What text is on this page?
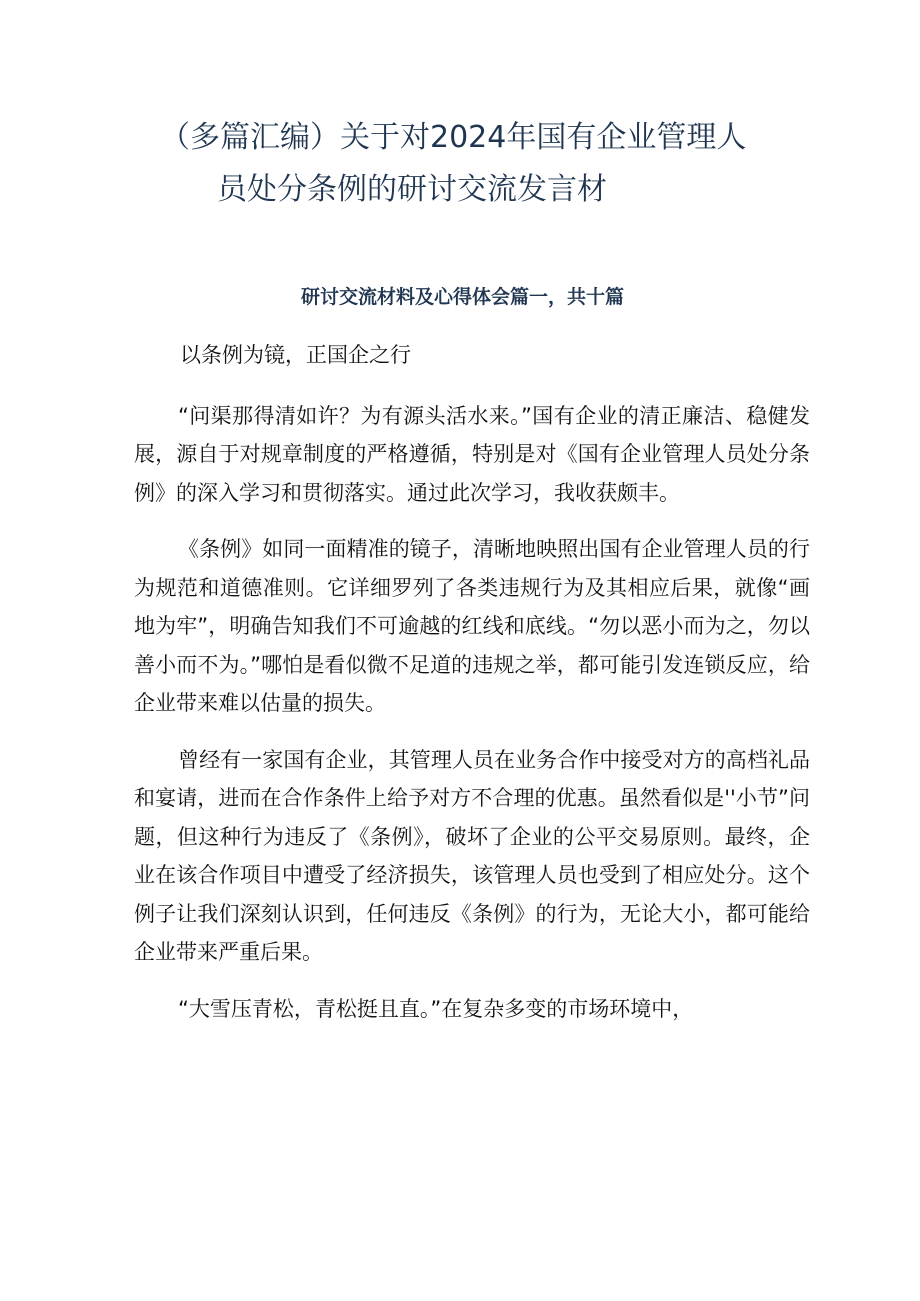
（多篇汇编）关于对2024年国有企业管理人
员处分条例的研讨交流发言材
研讨交流材料及心得体会篇一，共十篇

以条例为镜，正国企之行

“问渠那得清如许？为有源头活水来。”国有企业的清正廉洁、稳健发展，源自于对规章制度的严格遵循，特别是对《国有企业管理人员处分条例》的深入学习和贯彻落实。通过此次学习，我收获颇丰。

《条例》如同一面精准的镜子，清晰地映照出国有企业管理人员的行为规范和道德准则。它详细罗列了各类违规行为及其相应后果，就像“画地为牢”，明确告知我们不可逾越的红线和底线。“勿以恶小而为之，勿以善小而不为。”哪怕是看似微不足道的违规之举，都可能引发连锁反应，给企业带来难以估量的损失。

曾经有一家国有企业，其管理人员在业务合作中接受对方的高档礼品和宴请，进而在合作条件上给予对方不合理的优惠。虽然看似是''小节”问题，但这种行为违反了《条例》，破坏了企业的公平交易原则。最终，企业在该合作项目中遭受了经济损失，该管理人员也受到了相应处分。这个例子让我们深刻认识到，任何违反《条例》的行为，无论大小，都可能给企业带来严重后果。

“大雪压青松，青松挺且直。”在复杂多变的市场环境中，
